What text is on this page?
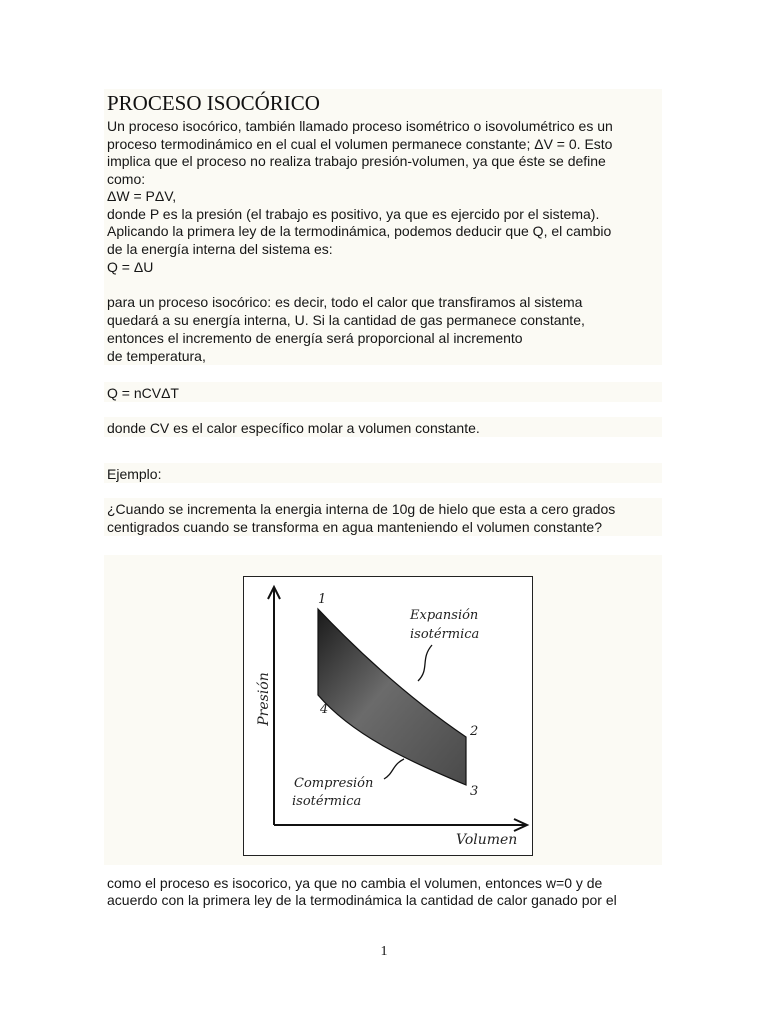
PROCESO ISOCÓRICO
Un proceso isocórico, también llamado proceso isométrico o isovolumétrico es un
proceso termodinámico en el cual el volumen permanece constante; ΔV = 0. Esto
implica que el proceso no realiza trabajo presión-volumen, ya que éste se define
como:
ΔW = PΔV,
donde P es la presión (el trabajo es positivo, ya que es ejercido por el sistema).
Aplicando la primera ley de la termodinámica, podemos deducir que Q, el cambio
de la energía interna del sistema es:
Q = ΔU
para un proceso isocórico: es decir, todo el calor que transfiramos al sistema
quedará a su energía interna, U. Si la cantidad de gas permanece constante,
entonces el incremento de energía será proporcional al incremento
de temperatura,
Q = nCVΔT
donde CV es el calor específico molar a volumen constante.
Ejemplo:
¿Cuando se incrementa la energia interna de 10g de hielo que esta a cero grados
centigrados cuando se transforma en agua manteniendo el volumen constante?
Presión
Volumen
Expansión
isotérmica
Compresión
isotérmica
1
2
3
4
como el proceso es isocorico, ya que no cambia el volumen, entonces w=0 y de
acuerdo con la primera ley de la termodinámica la cantidad de calor ganado por el
1
